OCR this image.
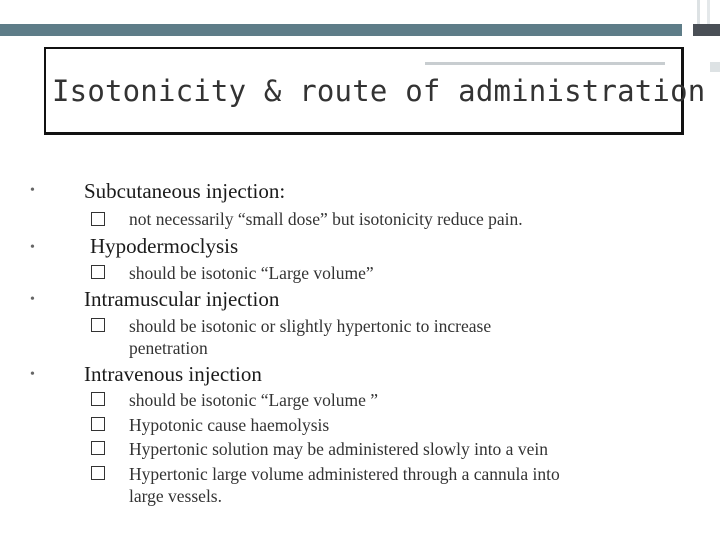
Isotonicity & route of administration
• Subcutaneous injection:
not necessarily “small dose” but isotonicity reduce pain.
•	Hypodermoclysis
should be isotonic “Large volume”
• Intramuscular injection
should be isotonic or slightly hypertonic to increase
penetration
• Intravenous injection
should be isotonic “Large volume ”
Hypotonic cause haemolysis
Hypertonic solution may be administered slowly into a vein
Hypertonic large volume administered through a cannula into
large vessels.
